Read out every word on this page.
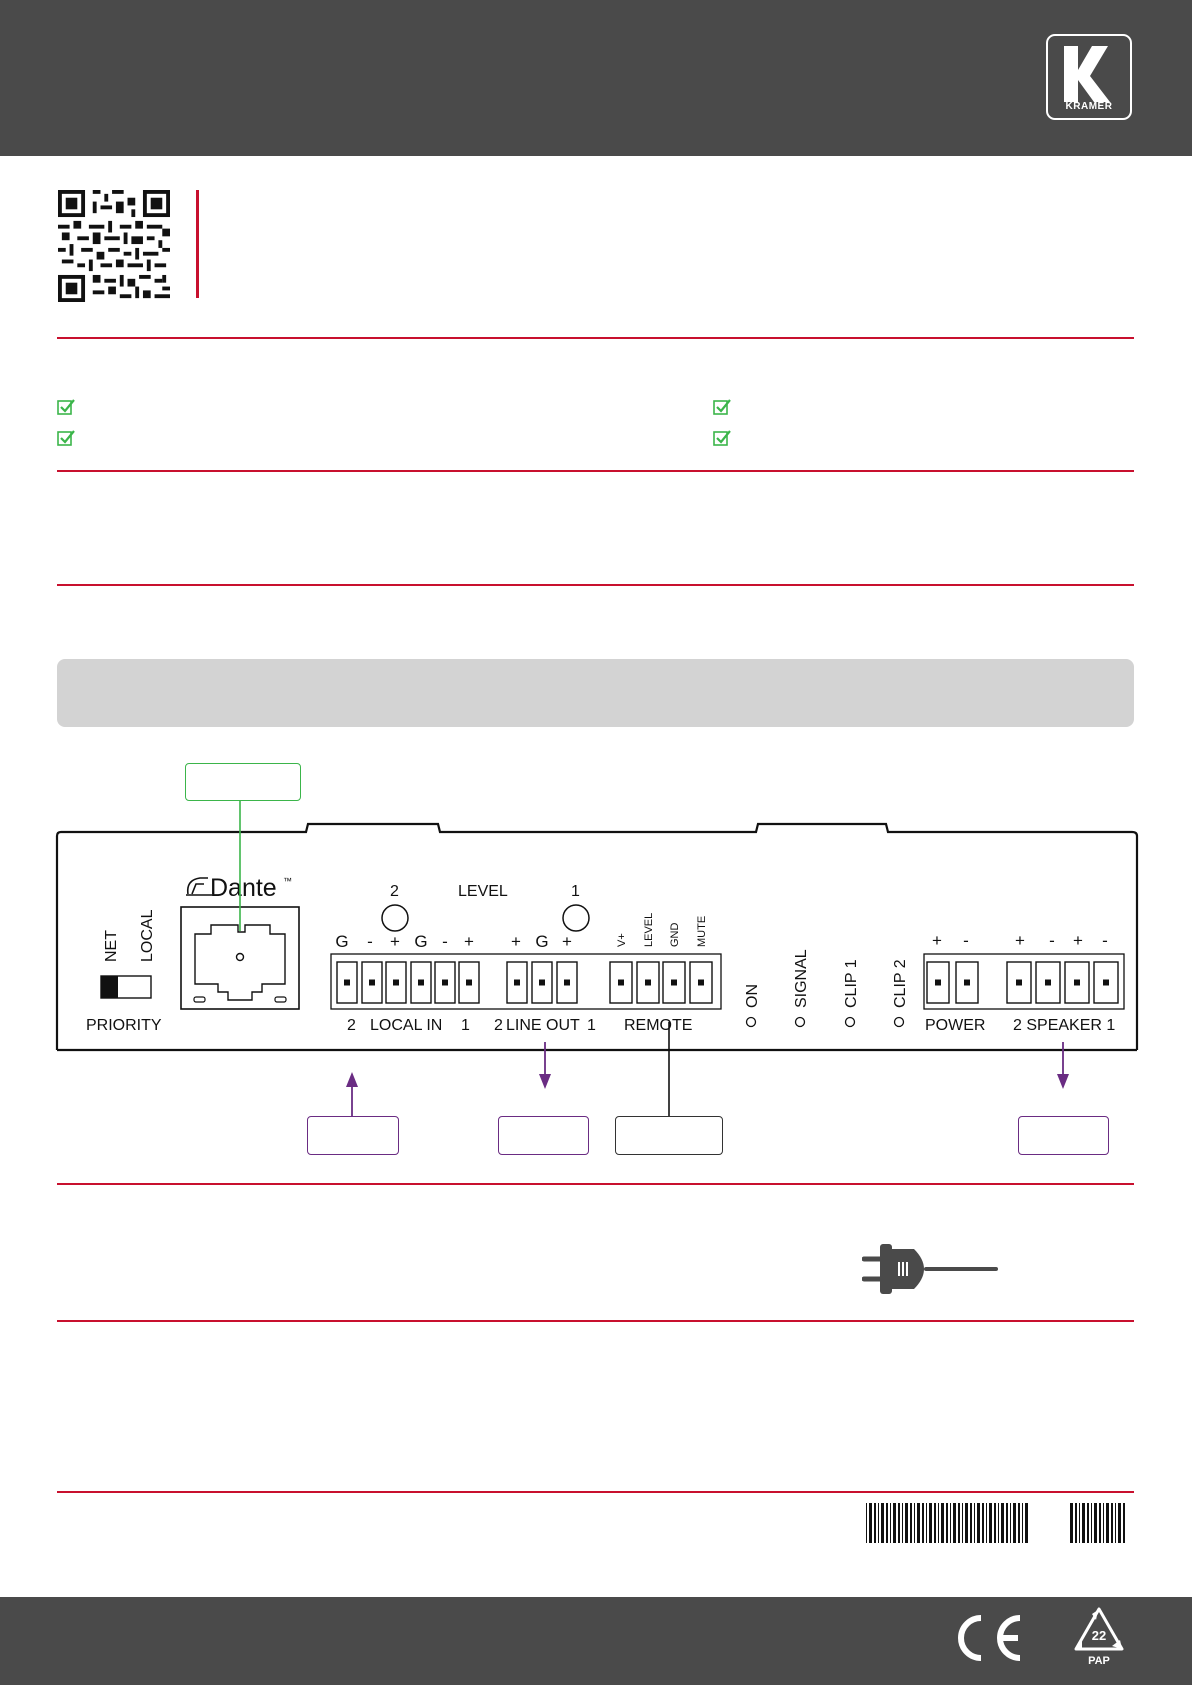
KRAMER
NET LOCAL
PRIORITY
Dante ™
2	LEVEL	1
G - + G - + + G +	V+ LEVEL GND MUTE
2 LOCAL IN 1 2 LINE OUT 1 REMOTE
ON SIGNAL CLIP 1 CLIP 2
+ -	+ - + -
POWER 2 SPEAKER 1
22
PAP
